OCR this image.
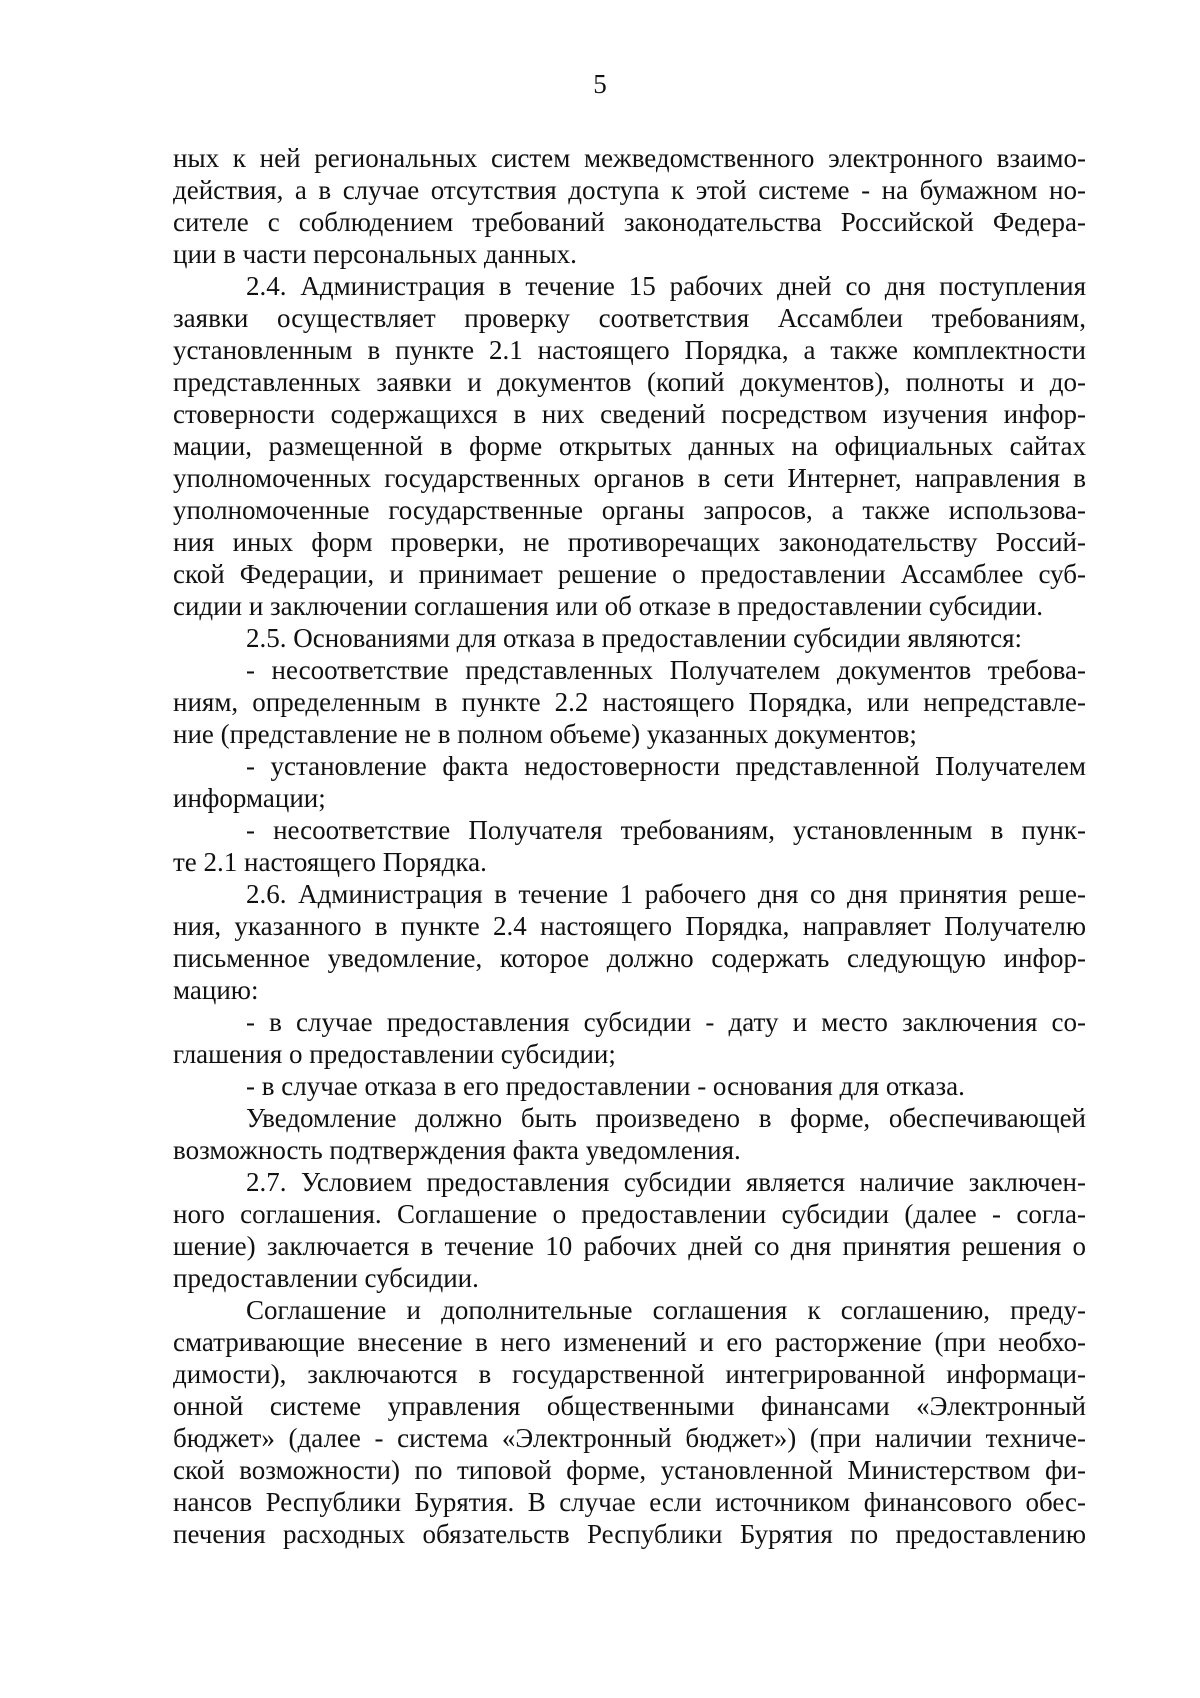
5
ных к ней региональных систем межведомственного электронного взаимо-
действия, а в случае отсутствия доступа к этой системе - на бумажном но-
сителе с соблюдением требований законодательства Российской Федера-
ции в части персональных данных.
2.4. Администрация в течение 15 рабочих дней со дня поступления
заявки осуществляет проверку соответствия Ассамблеи требованиям,
установленным в пункте 2.1 настоящего Порядка, а также комплектности
представленных заявки и документов (копий документов), полноты и до-
стоверности содержащихся в них сведений посредством изучения инфор-
мации, размещенной в форме открытых данных на официальных сайтах
уполномоченных государственных органов в сети Интернет, направления в
уполномоченные государственные органы запросов, а также использова-
ния иных форм проверки, не противоречащих законодательству Россий-
ской Федерации, и принимает решение о предоставлении Ассамблее суб-
сидии и заключении соглашения или об отказе в предоставлении субсидии.
2.5. Основаниями для отказа в предоставлении субсидии являются:
- несоответствие представленных Получателем документов требова-
ниям, определенным в пункте 2.2 настоящего Порядка, или непредставле-
ние (представление не в полном объеме) указанных документов;
- установление факта недостоверности представленной Получателем
информации;
- несоответствие Получателя требованиям, установленным в пунк-
те 2.1 настоящего Порядка.
2.6. Администрация в течение 1 рабочего дня со дня принятия реше-
ния, указанного в пункте 2.4 настоящего Порядка, направляет Получателю
письменное уведомление, которое должно содержать следующую инфор-
мацию:
- в случае предоставления субсидии - дату и место заключения со-
глашения о предоставлении субсидии;
- в случае отказа в его предоставлении - основания для отказа.
Уведомление должно быть произведено в форме, обеспечивающей
возможность подтверждения факта уведомления.
2.7. Условием предоставления субсидии является наличие заключен-
ного соглашения. Соглашение о предоставлении субсидии (далее - согла-
шение) заключается в течение 10 рабочих дней со дня принятия решения о
предоставлении субсидии.
Соглашение и дополнительные соглашения к соглашению, преду-
сматривающие внесение в него изменений и его расторжение (при необхо-
димости), заключаются в государственной интегрированной информаци-
онной системе управления общественными финансами «Электронный
бюджет» (далее - система «Электронный бюджет») (при наличии техниче-
ской возможности) по типовой форме, установленной Министерством фи-
нансов Республики Бурятия. В случае если источником финансового обес-
печения расходных обязательств Республики Бурятия по предоставлению
